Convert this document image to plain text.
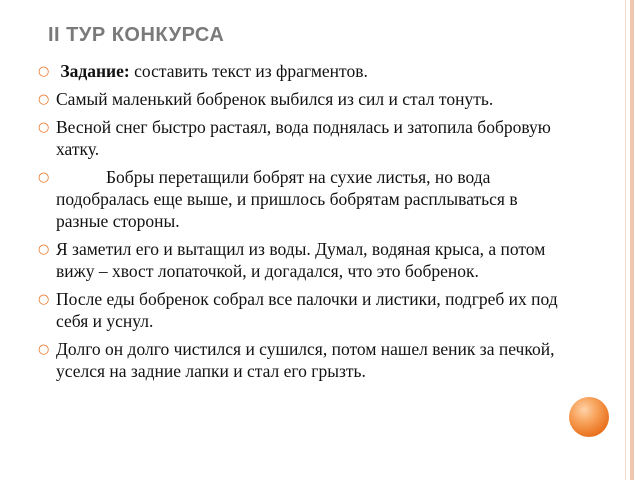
II ТУР КОНКУРСА
○ Задание: составить текст из фрагментов.
○ Самый маленький бобренок выбился из сил и стал тонуть.
○ Весной снег быстро растаял, вода поднялась и затопила бобровую хатку.
○	Бобры перетащили бобрят на сухие листья, но вода подобралась еще выше, и пришлось бобрятам расплываться в разные стороны.
○ Я заметил его и вытащил из воды. Думал, водяная крыса, а потом вижу – хвост лопаточкой, и догадался, что это бобренок.
○ После еды бобренок собрал все палочки и листики, подгреб их под себя и уснул.
○ Долго он долго чистился и сушился, потом нашел веник за печкой, уселся на задние лапки и стал его грызть.
